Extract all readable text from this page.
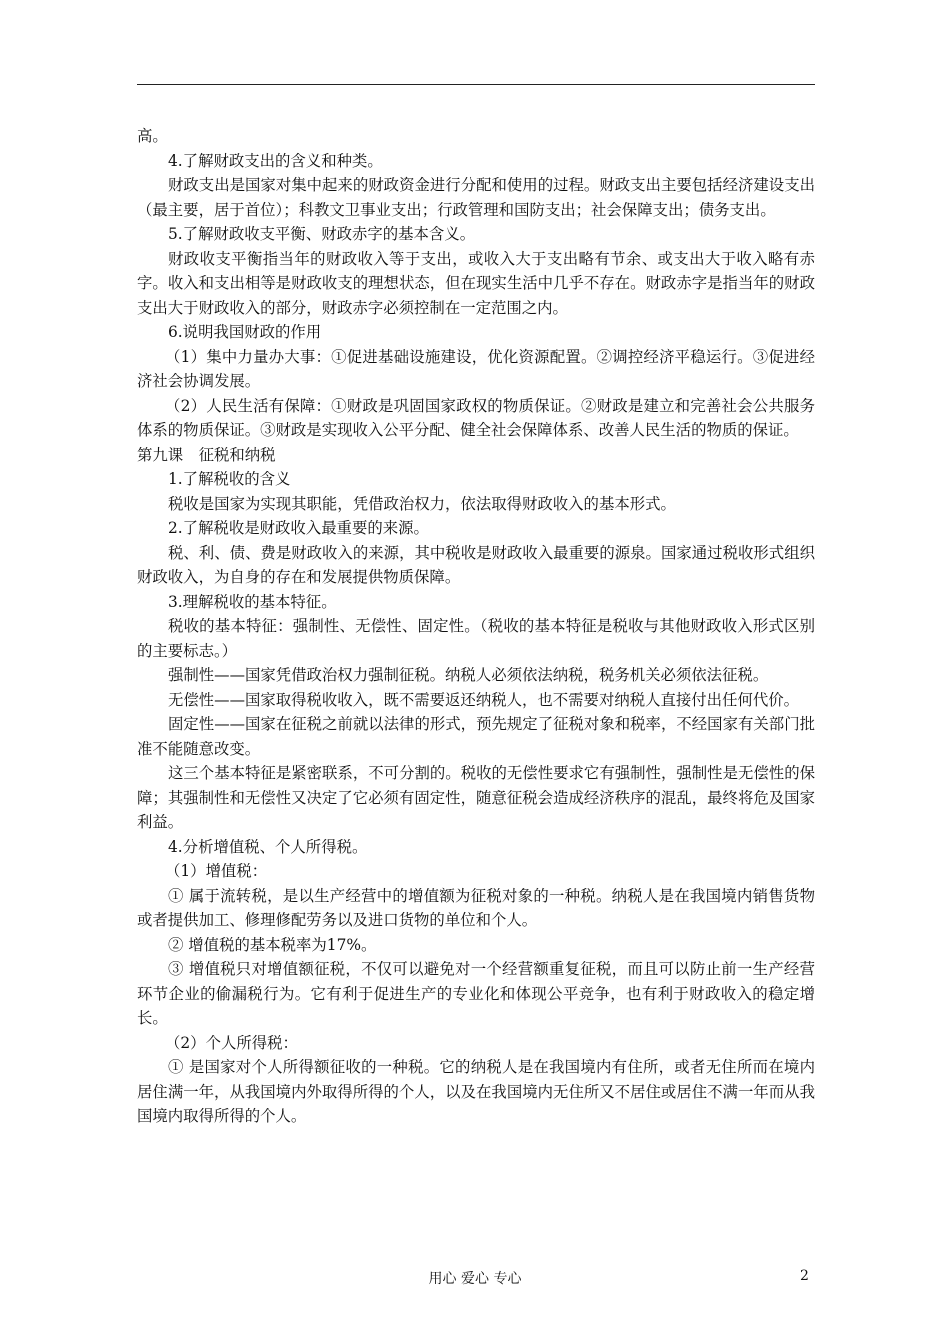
高。

4.了解财政支出的含义和种类。

财政支出是国家对集中起来的财政资金进行分配和使用的过程。财政支出主要包括经济建设支出（最主要，居于首位）；科教文卫事业支出；行政管理和国防支出；社会保障支出；债务支出。

5.了解财政收支平衡、财政赤字的基本含义。

财政收支平衡指当年的财政收入等于支出，或收入大于支出略有节余、或支出大于收入略有赤字。收入和支出相等是财政收支的理想状态，但在现实生活中几乎不存在。财政赤字是指当年的财政支出大于财政收入的部分，财政赤字必须控制在一定范围之内。

6.说明我国财政的作用

（1）集中力量办大事：①促进基础设施建设，优化资源配置。②调控经济平稳运行。③促进经济社会协调发展。

（2）人民生活有保障：①财政是巩固国家政权的物质保证。②财政是建立和完善社会公共服务体系的物质保证。③财政是实现收入公平分配、健全社会保障体系、改善人民生活的物质的保证。

第九课　征税和纳税

1.了解税收的含义

税收是国家为实现其职能，凭借政治权力，依法取得财政收入的基本形式。

2.了解税收是财政收入最重要的来源。

税、利、债、费是财政收入的来源，其中税收是财政收入最重要的源泉。国家通过税收形式组织财政收入，为自身的存在和发展提供物质保障。

3.理解税收的基本特征。

税收的基本特征：强制性、无偿性、固定性。（税收的基本特征是税收与其他财政收入形式区别的主要标志。）

强制性——国家凭借政治权力强制征税。纳税人必须依法纳税，税务机关必须依法征税。

无偿性——国家取得税收收入，既不需要返还纳税人，也不需要对纳税人直接付出任何代价。

固定性——国家在征税之前就以法律的形式，预先规定了征税对象和税率，不经国家有关部门批准不能随意改变。

这三个基本特征是紧密联系，不可分割的。税收的无偿性要求它有强制性，强制性是无偿性的保障；其强制性和无偿性又决定了它必须有固定性，随意征税会造成经济秩序的混乱，最终将危及国家利益。

4.分析增值税、个人所得税。

（1）增值税：

① 属于流转税，是以生产经营中的增值额为征税对象的一种税。纳税人是在我国境内销售货物或者提供加工、修理修配劳务以及进口货物的单位和个人。

② 增值税的基本税率为17%。

③ 增值税只对增值额征税，不仅可以避免对一个经营额重复征税，而且可以防止前一生产经营环节企业的偷漏税行为。它有利于促进生产的专业化和体现公平竞争，也有利于财政收入的稳定增长。

（2）个人所得税：

① 是国家对个人所得额征收的一种税。它的纳税人是在我国境内有住所，或者无住所而在境内居住满一年，从我国境内外取得所得的个人，以及在我国境内无住所又不居住或居住不满一年而从我国境内取得所得的个人。

用心 爱心 专心	2
